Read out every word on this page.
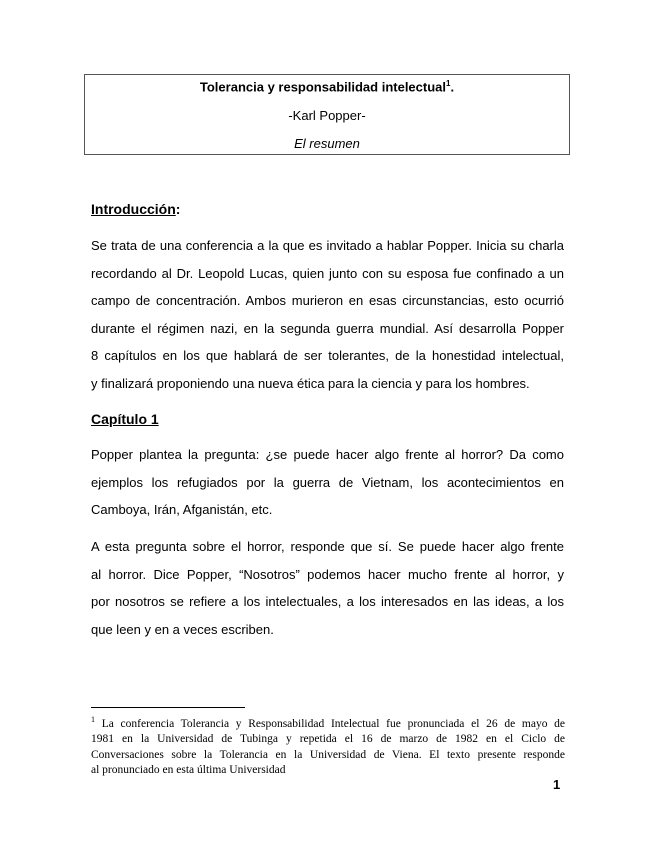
Tolerancia y responsabilidad intelectual$^1$.
-Karl Popper-
El resumen
Introducción:

Se trata de una conferencia a la que es invitado a hablar Popper. Inicia su charla
recordando al Dr. Leopold Lucas, quien junto con su esposa fue confinado a un
campo de concentración. Ambos murieron en esas circunstancias, esto ocurrió
durante el régimen nazi, en la segunda guerra mundial. Así desarrolla Popper
8 capítulos en los que hablará de ser tolerantes, de la honestidad intelectual,
y finalizará proponiendo una nueva ética para la ciencia y para los hombres.

Capítulo 1

Popper plantea la pregunta: ¿se puede hacer algo frente al horror? Da como
ejemplos los refugiados por la guerra de Vietnam, los acontecimientos en
Camboya, Irán, Afganistán, etc.

A esta pregunta sobre el horror, responde que sí. Se puede hacer algo frente
al horror. Dice Popper, “Nosotros” podemos hacer mucho frente al horror, y
por nosotros se refiere a los intelectuales, a los interesados en las ideas, a los
que leen y en a veces escriben.

$^1$ La conferencia Tolerancia y Responsabilidad Intelectual fue pronunciada el 26 de mayo de
1981 en la Universidad de Tubinga y repetida el 16 de marzo de 1982 en el Ciclo de
Conversaciones sobre la Tolerancia en la Universidad de Viena. El texto presente responde
al pronunciado en esta última Universidad

1
